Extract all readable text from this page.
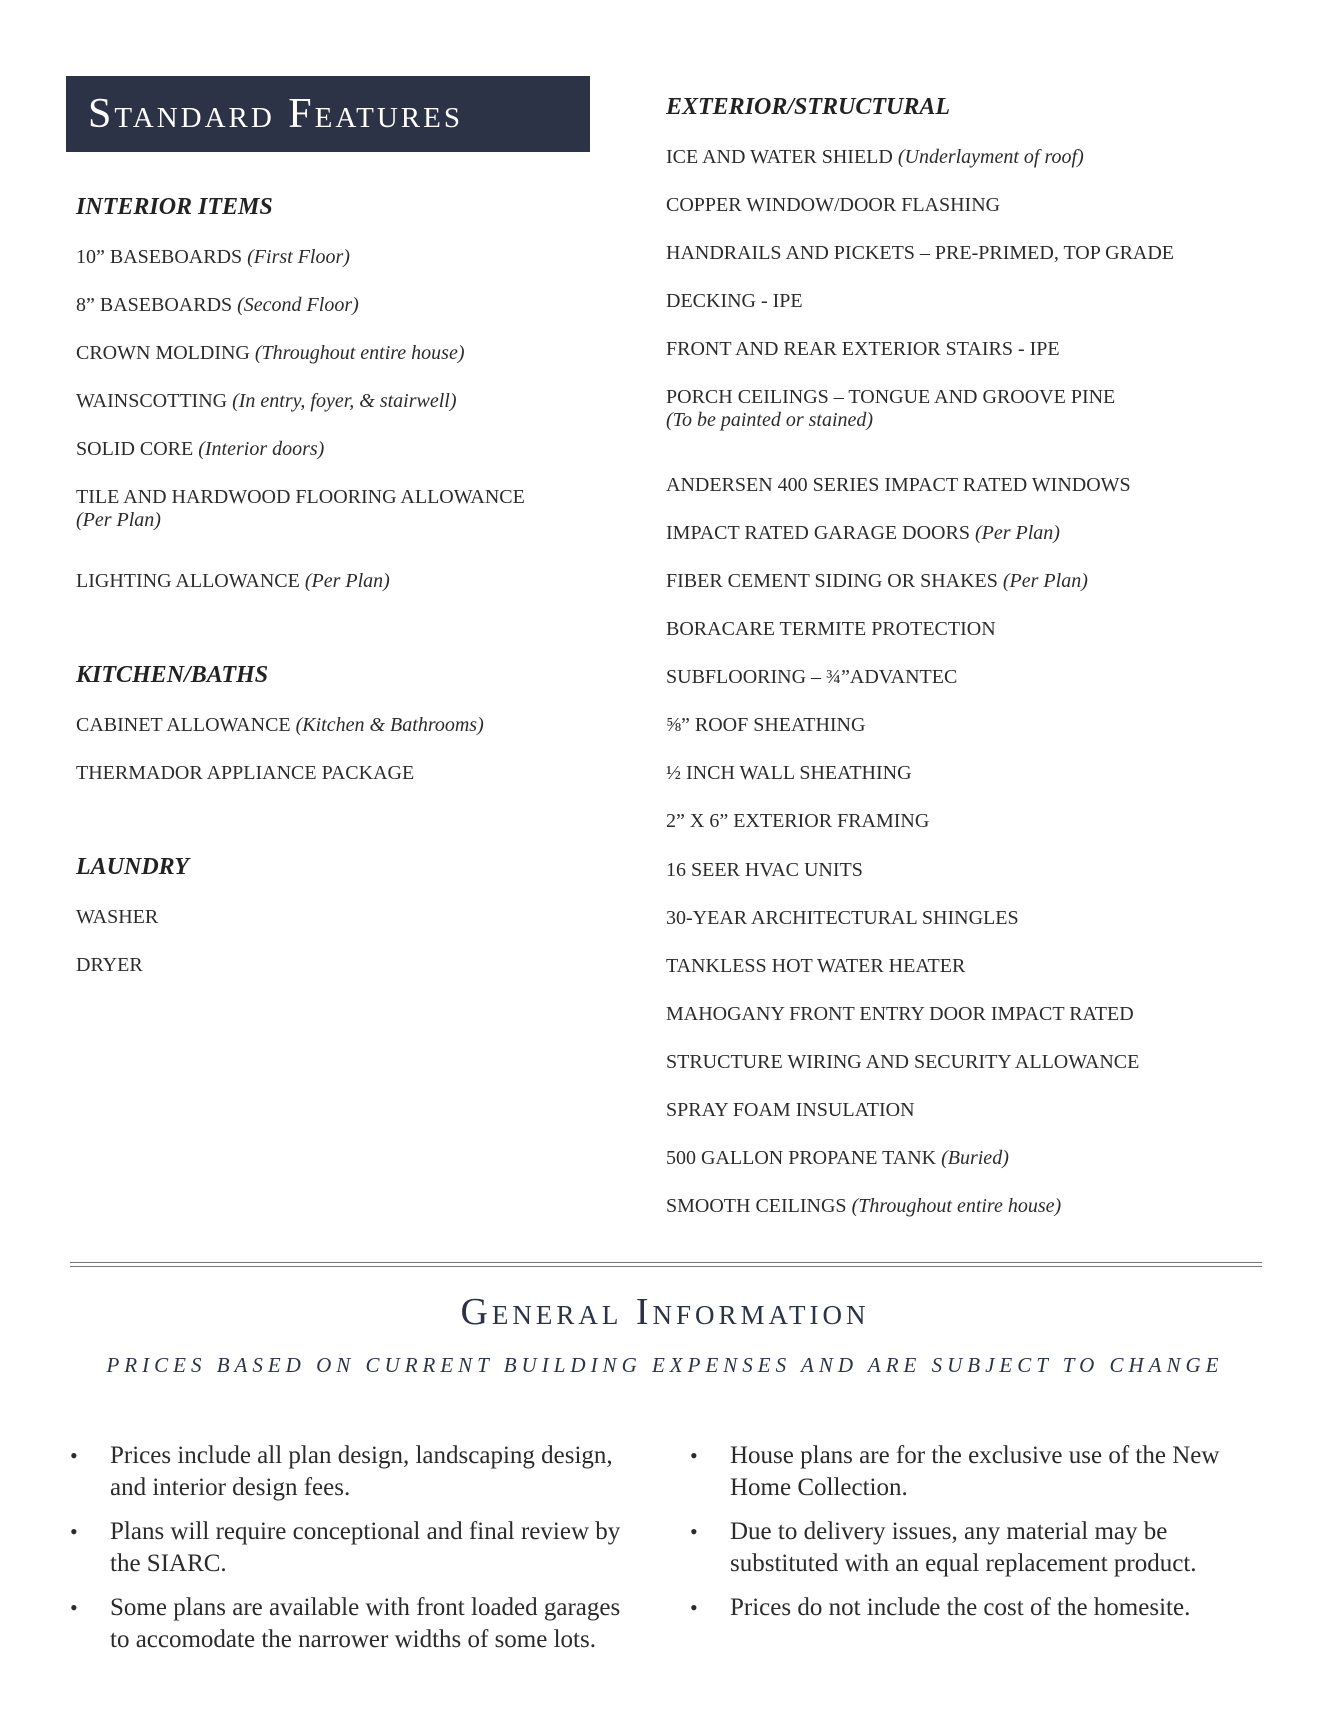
Standard Features
INTERIOR ITEMS
10” BASEBOARDS (First Floor)
8” BASEBOARDS (Second Floor)
CROWN MOLDING (Throughout entire house)
WAINSCOTTING (In entry, foyer, & stairwell)
SOLID CORE (Interior doors)
TILE AND HARDWOOD FLOORING ALLOWANCE
(Per Plan)
LIGHTING ALLOWANCE (Per Plan)
KITCHEN/BATHS
CABINET ALLOWANCE (Kitchen & Bathrooms)
THERMADOR APPLIANCE PACKAGE
LAUNDRY
WASHER
DRYER
EXTERIOR/STRUCTURAL
ICE AND WATER SHIELD (Underlayment of roof)
COPPER WINDOW/DOOR FLASHING
HANDRAILS AND PICKETS – PRE-PRIMED, TOP GRADE
DECKING - IPE
FRONT AND REAR EXTERIOR STAIRS - IPE
PORCH CEILINGS – TONGUE AND GROOVE PINE
(To be painted or stained)
ANDERSEN 400 SERIES IMPACT RATED WINDOWS
IMPACT RATED GARAGE DOORS (Per Plan)
FIBER CEMENT SIDING OR SHAKES (Per Plan)
BORACARE TERMITE PROTECTION
SUBFLOORING – ¾”ADVANTEC
⅝” ROOF SHEATHING
½ INCH WALL SHEATHING
2” X 6” EXTERIOR FRAMING
16 SEER HVAC UNITS
30-YEAR ARCHITECTURAL SHINGLES
TANKLESS HOT WATER HEATER
MAHOGANY FRONT ENTRY DOOR IMPACT RATED
STRUCTURE WIRING AND SECURITY ALLOWANCE
SPRAY FOAM INSULATION
500 GALLON PROPANE TANK (Buried)
SMOOTH CEILINGS (Throughout entire house)
General Information
PRICES BASED ON CURRENT BUILDING EXPENSES AND ARE SUBJECT TO CHANGE
• Prices include all plan design, landscaping design, and interior design fees.
• Plans will require conceptional and final review by the SIARC.
• Some plans are available with front loaded garages to accomodate the narrower widths of some lots.
• House plans are for the exclusive use of the New Home Collection.
• Due to delivery issues, any material may be substituted with an equal replacement product.
• Prices do not include the cost of the homesite.
